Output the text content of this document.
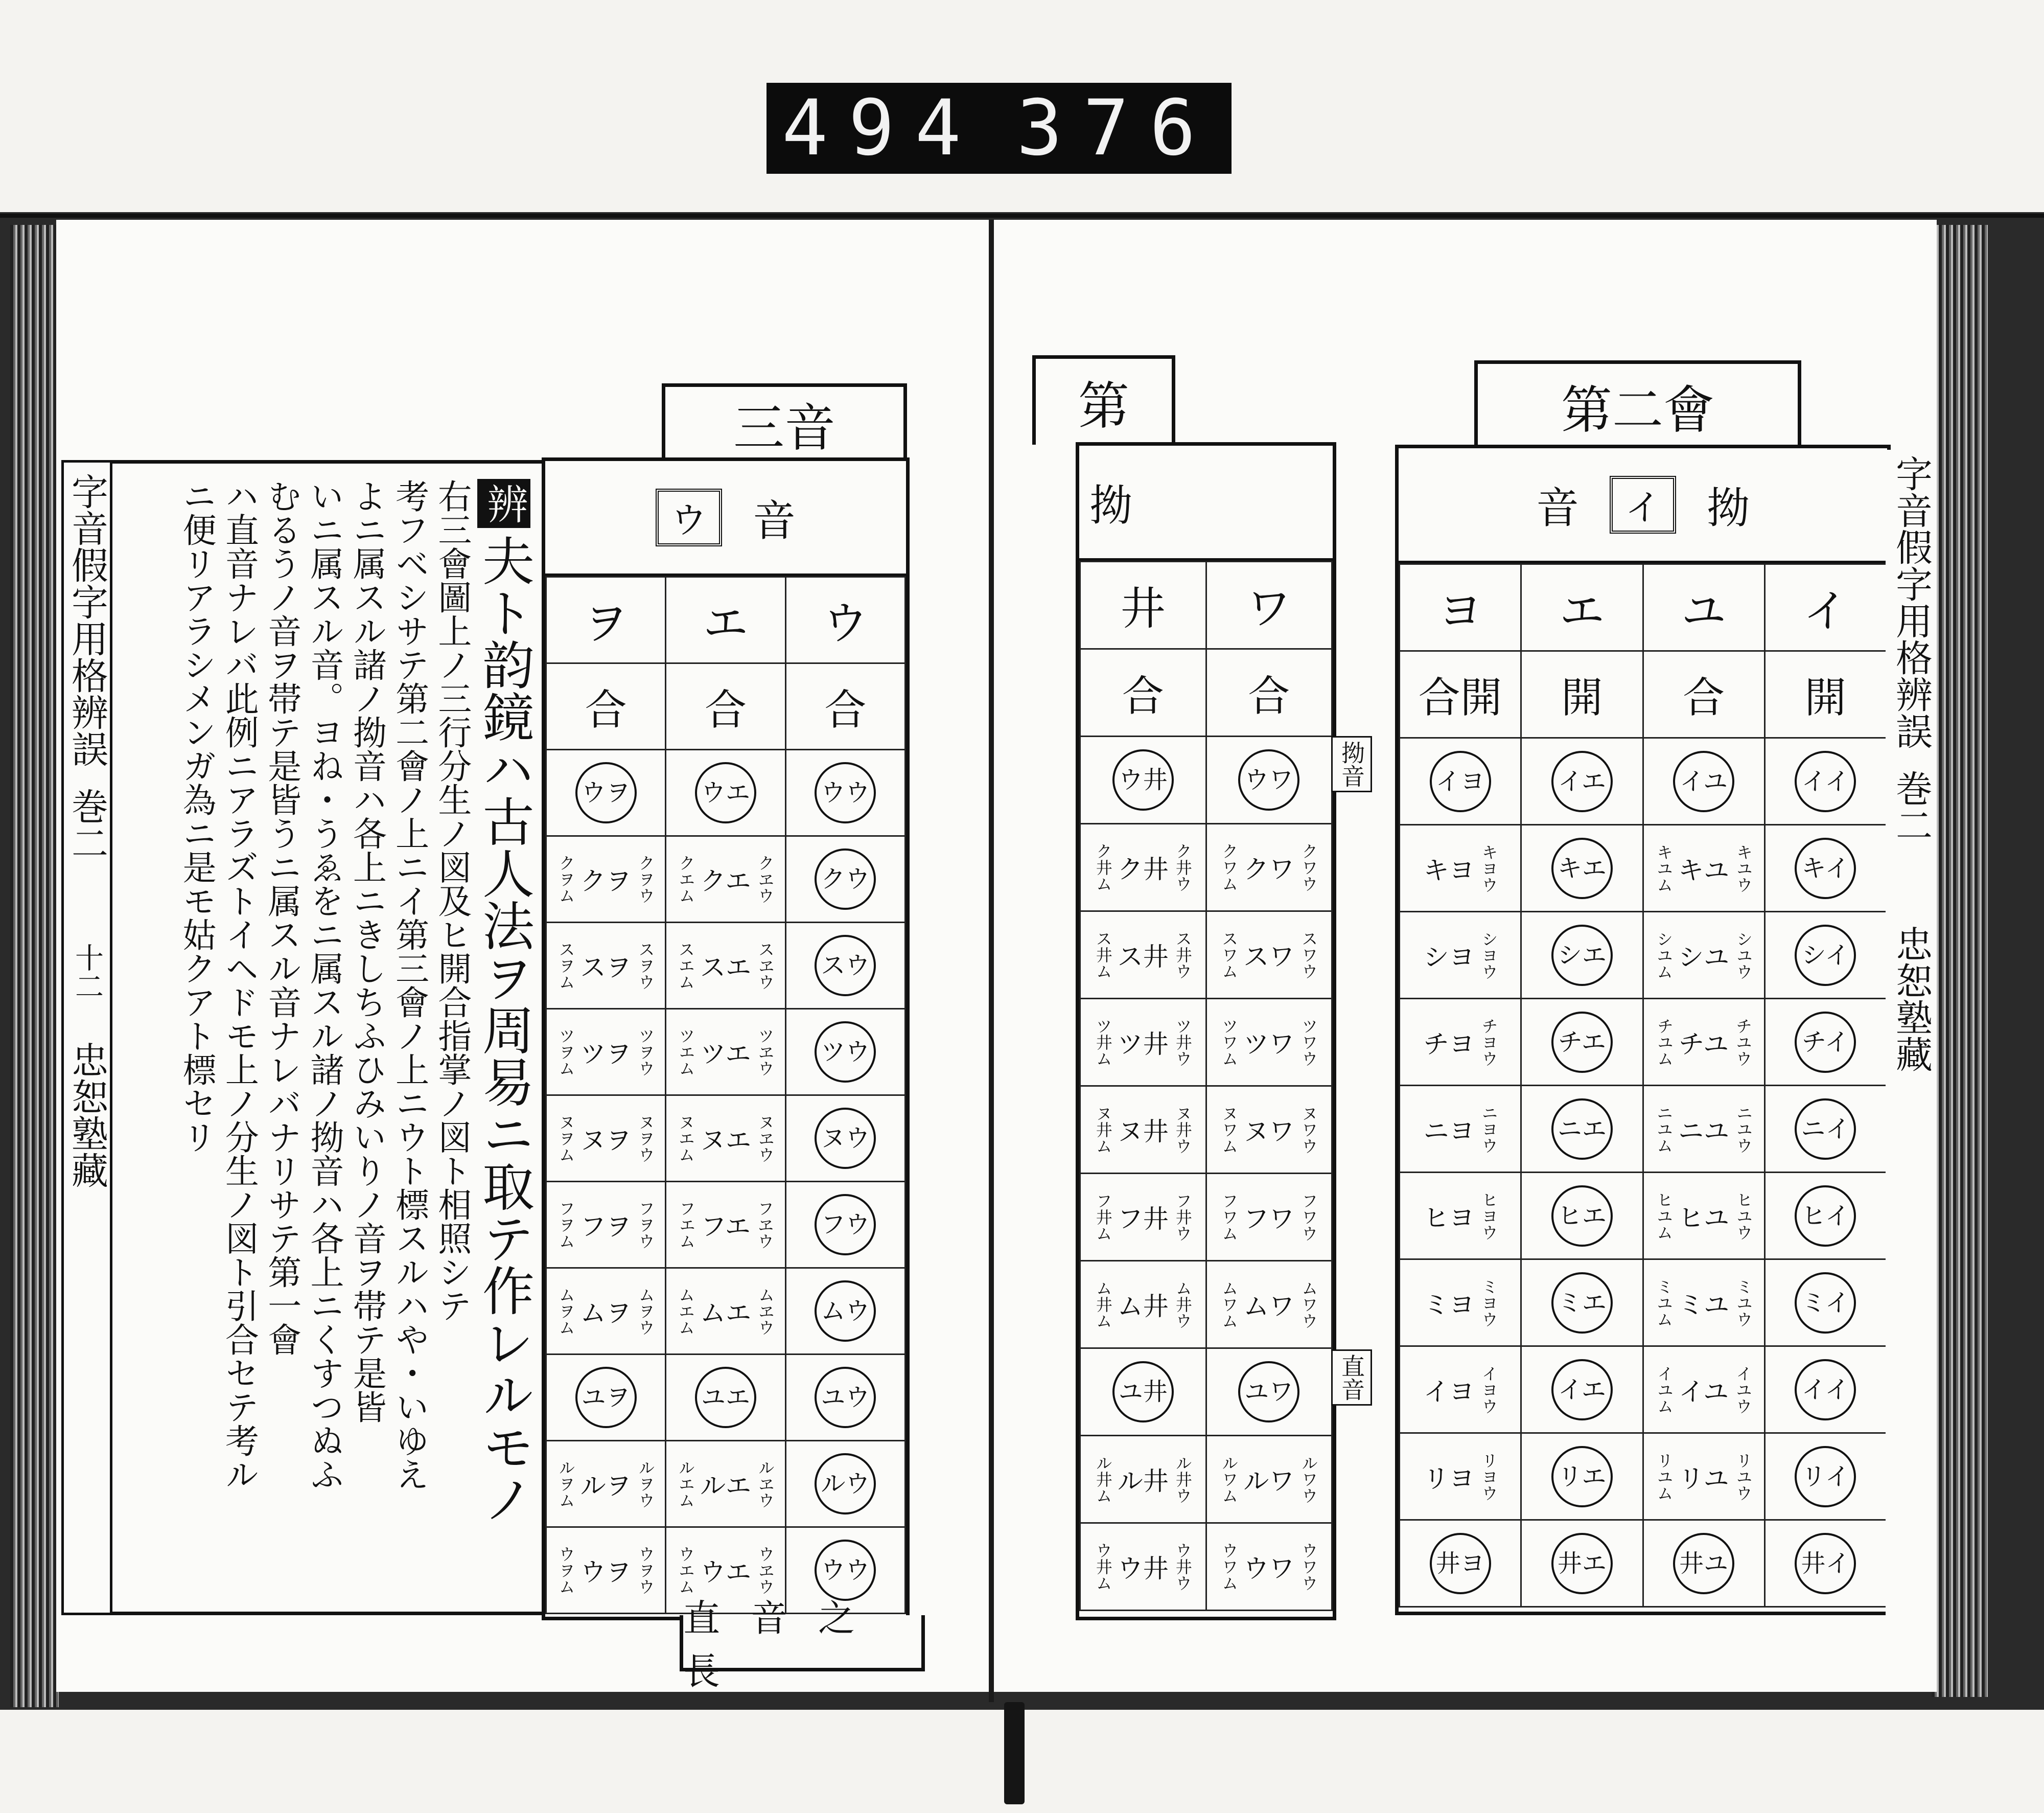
494 376
字音假字用格辨誤
巻二
十二
忠恕塾藏
辨夫ト韵鏡ハ古人法ヲ周易ニ取テ作レルモノ
右三會圖上ノ三行分生ノ図及ヒ開合指掌ノ図ト相照シテ
考フベシサテ第二會ノ上ニイ第三會ノ上ニウト標スルハや・いゆえ
よニ属スル諸ノ拗音ハ各上ニきしちふひみいりノ音ヲ帯テ是皆
いニ属スル音。ヨね・うゑをニ属スル諸ノ拗音ハ各上ニくすつぬふ
むるうノ音ヲ帯テ是皆うニ属スル音ナレバナリサテ第一會
ハ直音ナレバ此例ニアラズトイヘドモ上ノ分生ノ図ト引合セテ考ル
ニ便リアラシメンガ為ニ是モ姑クアト標セリ
三音
ウ	音
ヲ	エ	ウ
合	合	合
ウヲ	ウエ	ウウ

クヲム クヲ クヲウ	クエム クエ クヱウ	クウ

スヲム スヲ スヲウ	スエム スエ スヱウ	スウ

ツヲム ツヲ ツヲウ	ツエム ツエ ツヱウ	ツウ

ヌヲム ヌヲ ヌヲウ	ヌエム ヌエ ヌヱウ	ヌウ

フヲム フヲ フヲウ	フエム フエ フヱウ	フウ

ムヲム ムヲ ムヲウ	ムエム ムエ ムヱウ	ムウ
ユヲ	ユエ	ユウ

ルヲム ルヲ ルヲウ	ルエム ルエ ルヱウ	ルウ

ウヲム ウヲ ウヲウ	ウエム ウエ ウヱウ	ウウ
直音之長
第
拗
井	ワ
合	合
ウ井	ウワ

ク井ム ク井 ク井ウ	クワム クワ クワウ

ス井ム ス井 ス井ウ	スワム スワ スワウ

ツ井ム ツ井 ツ井ウ	ツワム ツワ ツワウ

ヌ井ム ヌ井 ヌ井ウ	ヌワム ヌワ ヌワウ

フ井ム フ井 フ井ウ	フワム フワ フワウ

ム井ム ム井 ム井ウ	ムワム ムワ ムワウ

ユ井	ユワ

ル井ム ル井 ル井ウ	ルワム ルワ ルワウ

ウ井ム ウ井 ウ井ウ	ウワム ウワ ウワウ
拗音
直音
第二會
音	イ	拗
ヨ	エ	ユ	イ
合開	開	合	開
イヨ	イエ	イユ	イイ

キヨ キヨウ	キエ	キユム キユ キユウ	キイ

シヨ シヨウ	シエ	シユム シユ シユウ	シイ

チヨ チヨウ	チエ	チユム チユ チユウ	チイ

ニヨ ニヨウ	ニエ	ニユム ニユ ニユウ	ニイ

ヒヨ ヒヨウ	ヒエ	ヒユム ヒユ ヒユウ	ヒイ

ミヨ ミヨウ	ミエ	ミユム ミユ ミユウ	ミイ

イヨ イヨウ	イエ	イユム イユ イユウ	イイ

リヨ リヨウ	リエ	リユム リユ リユウ	リイ
井ヨ	井エ	井ユ	井イ
字音假字用格辨誤
巻二
忠恕塾藏
